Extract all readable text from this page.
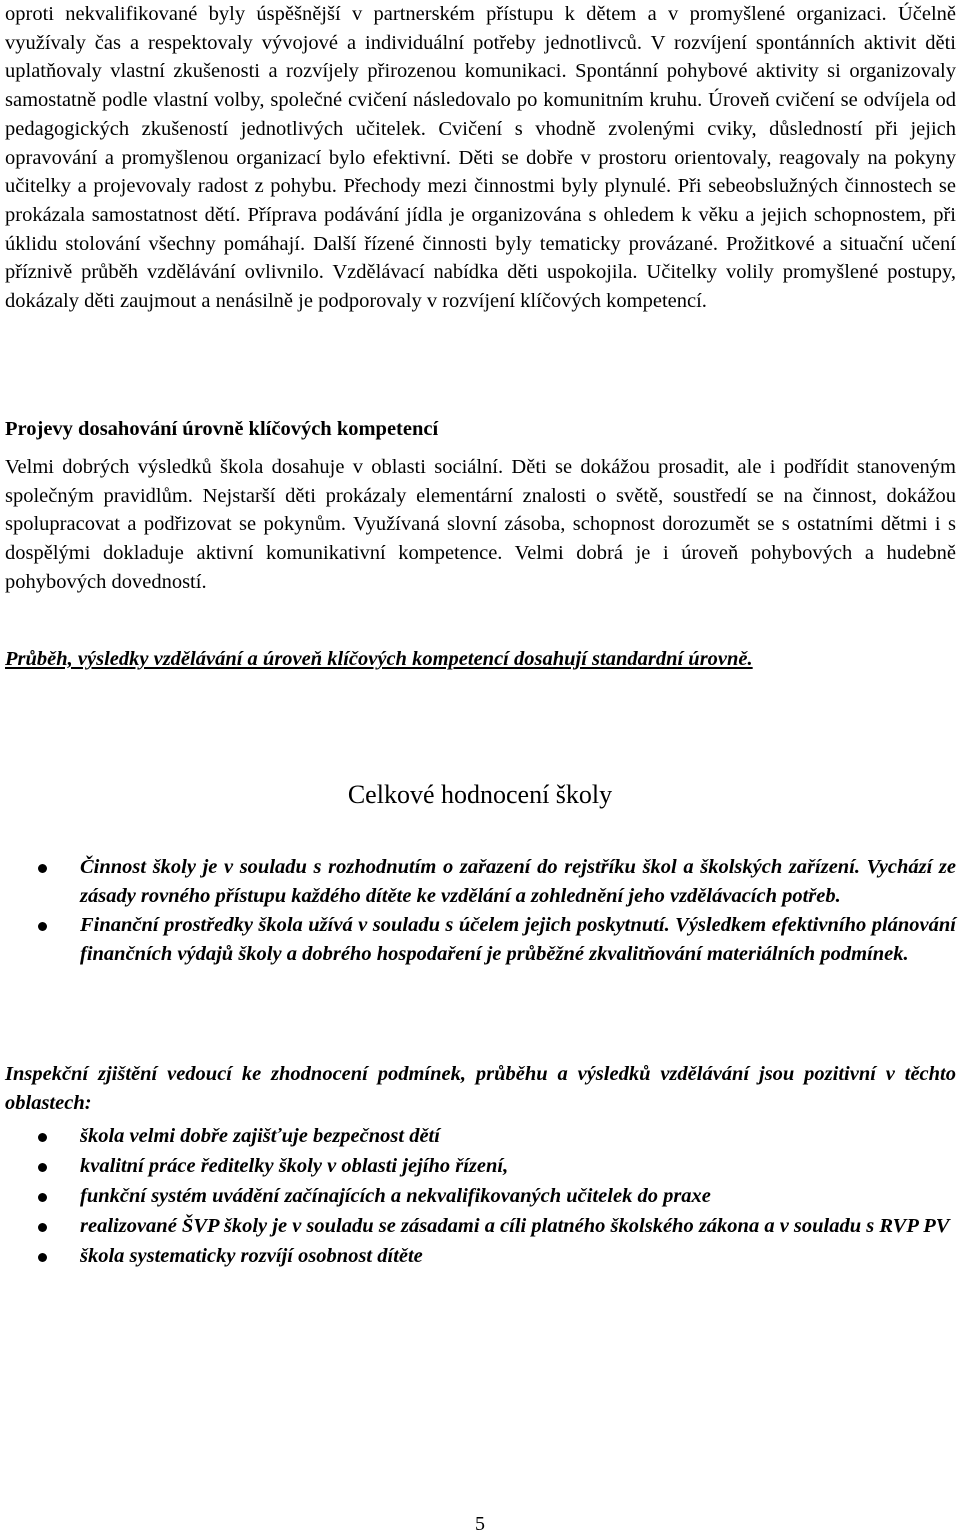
oproti nekvalifikované byly úspěšnější v partnerském přístupu k dětem a v promyšlené organizaci. Účelně využívaly čas a respektovaly vývojové a individuální potřeby jednotlivců. V rozvíjení spontánních aktivit děti uplatňovaly vlastní zkušenosti a rozvíjely přirozenou komunikaci. Spontánní pohybové aktivity si organizovaly samostatně podle vlastní volby, společné cvičení následovalo po komunitním kruhu. Úroveň cvičení se odvíjela od pedagogických zkušeností jednotlivých učitelek. Cvičení s vhodně zvolenými cviky, důsledností při jejich opravování a promyšlenou organizací bylo efektivní. Děti se dobře v prostoru orientovaly, reagovaly na pokyny učitelky a projevovaly radost z pohybu. Přechody mezi činnostmi byly plynulé. Při sebeobslužných činnostech se prokázala samostatnost dětí. Příprava podávání jídla je organizována s ohledem k věku a jejich schopnostem, při úklidu stolování všechny pomáhají. Další řízené činnosti byly tematicky provázané. Prožitkové a situační učení příznivě průběh vzdělávání ovlivnilo. Vzdělávací nabídka děti uspokojila. Učitelky volily promyšlené postupy, dokázaly děti zaujmout a nenásilně je podporovaly v rozvíjení klíčových kompetencí.

Projevy dosahování úrovně klíčových kompetencí

Velmi dobrých výsledků škola dosahuje v oblasti sociální. Děti se dokážou prosadit, ale i podřídit stanoveným společným pravidlům. Nejstarší děti prokázaly elementární znalosti o světě, soustředí se na činnost, dokážou spolupracovat a podřizovat se pokynům. Využívaná slovní zásoba, schopnost dorozumět se s ostatními dětmi i s dospělými dokladuje aktivní komunikativní kompetence. Velmi dobrá je i úroveň pohybových a hudebně pohybových dovedností.

Průběh, výsledky vzdělávání a úroveň klíčových kompetencí dosahují standardní úrovně.

Celkové hodnocení školy
Činnost školy je v souladu s rozhodnutím o zařazení do rejstříku škol a školských zařízení. Vychází ze zásady rovného přístupu každého dítěte ke vzdělání a zohlednění jeho vzdělávacích potřeb.
Finanční prostředky škola užívá v souladu s účelem jejich poskytnutí. Výsledkem efektivního plánování finančních výdajů školy a dobrého hospodaření je průběžné zkvalitňování materiálních podmínek.

Inspekční zjištění vedoucí ke zhodnocení podmínek, průběhu a výsledků vzdělávání jsou pozitivní v těchto oblastech:

škola velmi dobře zajišťuje bezpečnost dětí
kvalitní práce ředitelky školy v oblasti jejího řízení,
funkční systém uvádění začínajících a nekvalifikovaných učitelek do praxe
realizované ŠVP školy je v souladu se zásadami a cíli platného školského zákona a v souladu s RVP PV
škola systematicky rozvíjí osobnost dítěte

5
